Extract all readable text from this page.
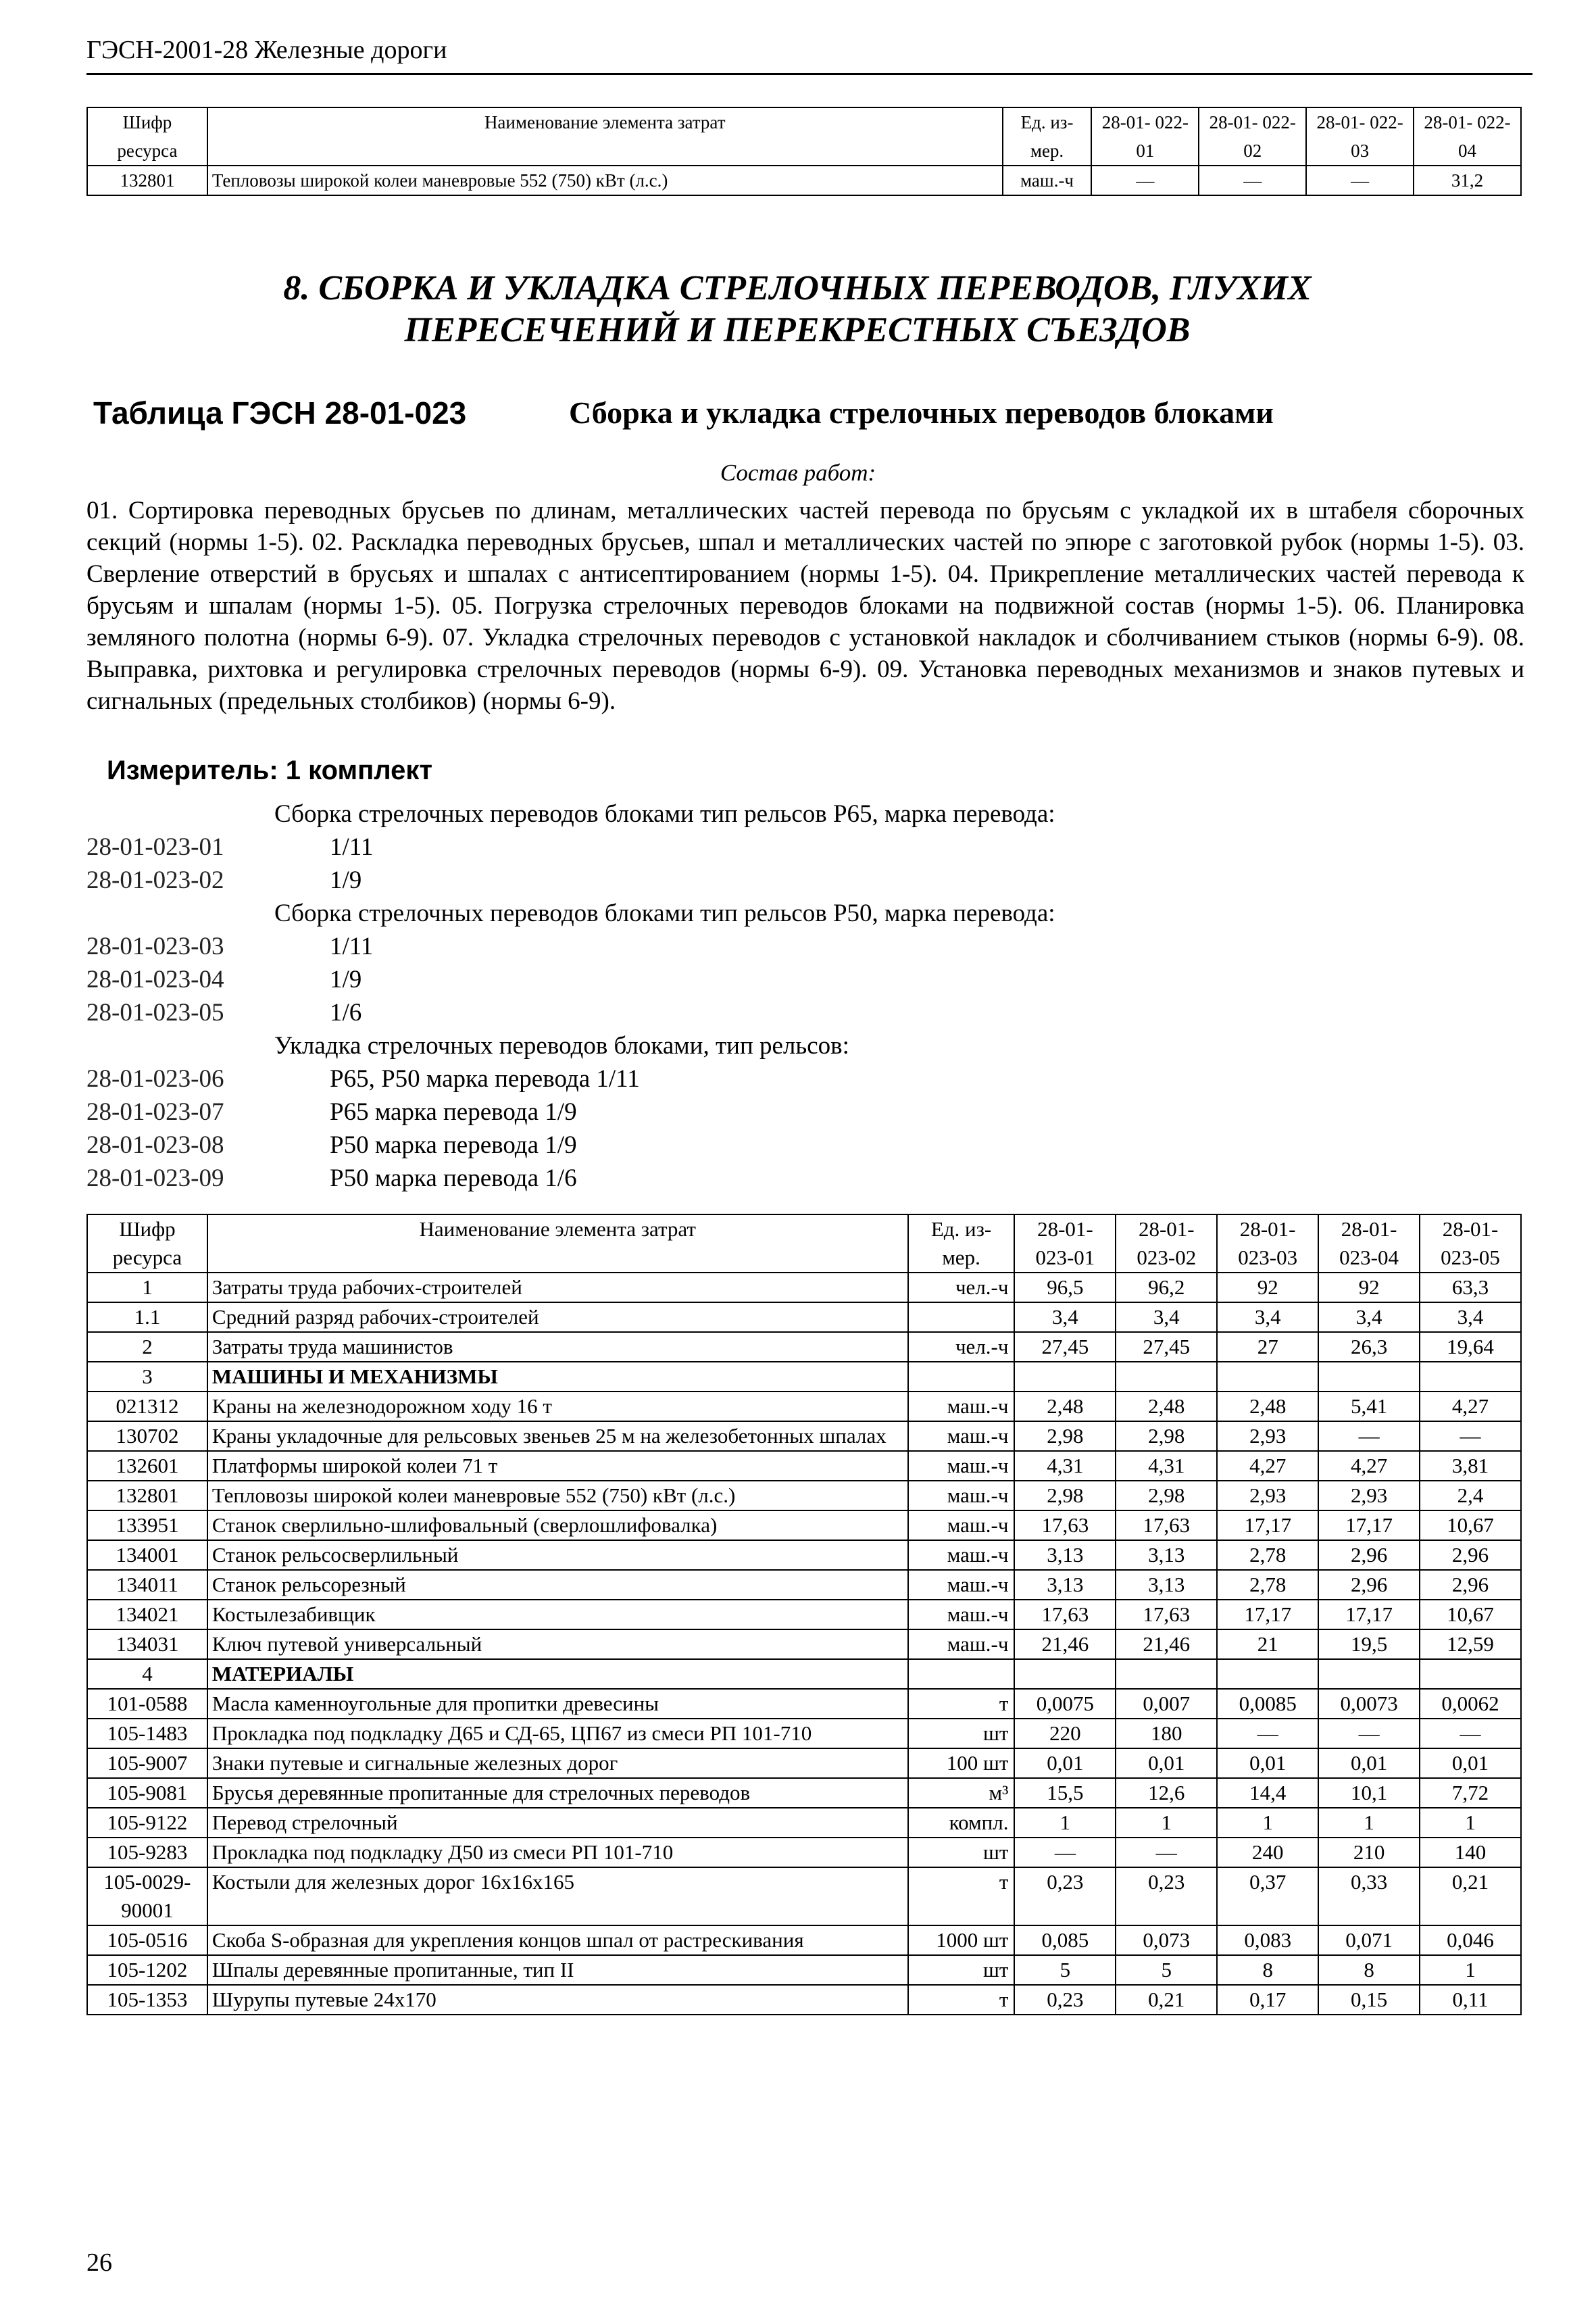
ГЭСН-2001-28 Железные дороги
Шифр ресурса	Наименование элемента затрат	Ед. из- мер.	28-01- 022-01	28-01- 022-02	28-01- 022-03	28-01- 022-04
132801	Тепловозы широкой колеи маневровые 552 (750) кВт (л.с.)	маш.-ч	—	—	—	31,2
8. СБОРКА И УКЛАДКА СТРЕЛОЧНЫХ ПЕРЕВОДОВ, ГЛУХИХ
ПЕРЕСЕЧЕНИЙ И ПЕРЕКРЕСТНЫХ СЪЕЗДОВ
Таблица ГЭСН 28-01-023	Сборка и укладка стрелочных переводов блоками
Состав работ:
01. Сортировка переводных брусьев по длинам, металлических частей перевода по брусьям с укладкой их в штабеля сборочных секций (нормы 1-5). 02. Раскладка переводных брусьев, шпал и металлических частей по эпюре с заготовкой рубок (нормы 1-5). 03. Сверление отверстий в брусьях и шпалах с антисептированием (нормы 1-5). 04. Прикрепление металлических частей перевода к брусьям и шпалам (нормы 1-5). 05. Погрузка стрелочных переводов блоками на подвижной состав (нормы 1-5). 06. Планировка земляного полотна (нормы 6-9). 07. Укладка стрелочных переводов с установкой накладок и сболчиванием стыков (нормы 6-9). 08. Выправка, рихтовка и регулировка стрелочных переводов (нормы 6-9). 09. Установка переводных механизмов и знаков путевых и сигнальных (предельных столбиков) (нормы 6-9).
Измеритель: 1 комплект
Сборка стрелочных переводов блоками тип рельсов Р65, марка перевода:
28-01-023-01	1/11
28-01-023-02	1/9
Сборка стрелочных переводов блоками тип рельсов Р50, марка перевода:
28-01-023-03	1/11
28-01-023-04	1/9
28-01-023-05	1/6
Укладка стрелочных переводов блоками, тип рельсов:
28-01-023-06	Р65, Р50 марка перевода 1/11
28-01-023-07	Р65 марка перевода 1/9
28-01-023-08	Р50 марка перевода 1/9
28-01-023-09	Р50 марка перевода 1/6
Шифр ресурса	Наименование элемента затрат	Ед. из- мер.	28-01- 023-01	28-01- 023-02	28-01- 023-03	28-01- 023-04	28-01- 023-05
1	Затраты труда рабочих-строителей	чел.-ч	96,5	96,2	92	92	63,3
1.1	Средний разряд рабочих-строителей		3,4	3,4	3,4	3,4	3,4
2	Затраты труда машинистов	чел.-ч	27,45	27,45	27	26,3	19,64
3	МАШИНЫ И МЕХАНИЗМЫ						
021312	Краны на железнодорожном ходу 16 т	маш.-ч	2,48	2,48	2,48	5,41	4,27
130702	Краны укладочные для рельсовых звеньев 25 м на железобетонных шпалах	маш.-ч	2,98	2,98	2,93	—	—
132601	Платформы широкой колеи 71 т	маш.-ч	4,31	4,31	4,27	4,27	3,81
132801	Тепловозы широкой колеи маневровые 552 (750) кВт (л.с.)	маш.-ч	2,98	2,98	2,93	2,93	2,4
133951	Станок сверлильно-шлифовальный (сверлошлифовалка)	маш.-ч	17,63	17,63	17,17	17,17	10,67
134001	Станок рельсосверлильный	маш.-ч	3,13	3,13	2,78	2,96	2,96
134011	Станок рельсорезный	маш.-ч	3,13	3,13	2,78	2,96	2,96
134021	Костылезабивщик	маш.-ч	17,63	17,63	17,17	17,17	10,67
134031	Ключ путевой универсальный	маш.-ч	21,46	21,46	21	19,5	12,59
4	МАТЕРИАЛЫ						
101-0588	Масла каменноугольные для пропитки древесины	т	0,0075	0,007	0,0085	0,0073	0,0062
105-1483	Прокладка под подкладку Д65 и СД-65, ЦП67 из смеси РП 101-710	шт	220	180	—	—	—
105-9007	Знаки путевые и сигнальные железных дорог	100 шт	0,01	0,01	0,01	0,01	0,01
105-9081	Брусья деревянные пропитанные для стрелочных переводов	м³	15,5	12,6	14,4	10,1	7,72
105-9122	Перевод стрелочный	компл.	1	1	1	1	1
105-9283	Прокладка под подкладку Д50 из смеси РП 101-710	шт	—	—	240	210	140
105-0029-90001	Костыли для железных дорог 16х16х165	т	0,23	0,23	0,37	0,33	0,21
105-0516	Скоба S-образная для укрепления концов шпал от растрескивания	1000 шт	0,085	0,073	0,083	0,071	0,046
105-1202	Шпалы деревянные пропитанные, тип II	шт	5	5	8	8	1
105-1353	Шурупы путевые 24х170	т	0,23	0,21	0,17	0,15	0,11
26
